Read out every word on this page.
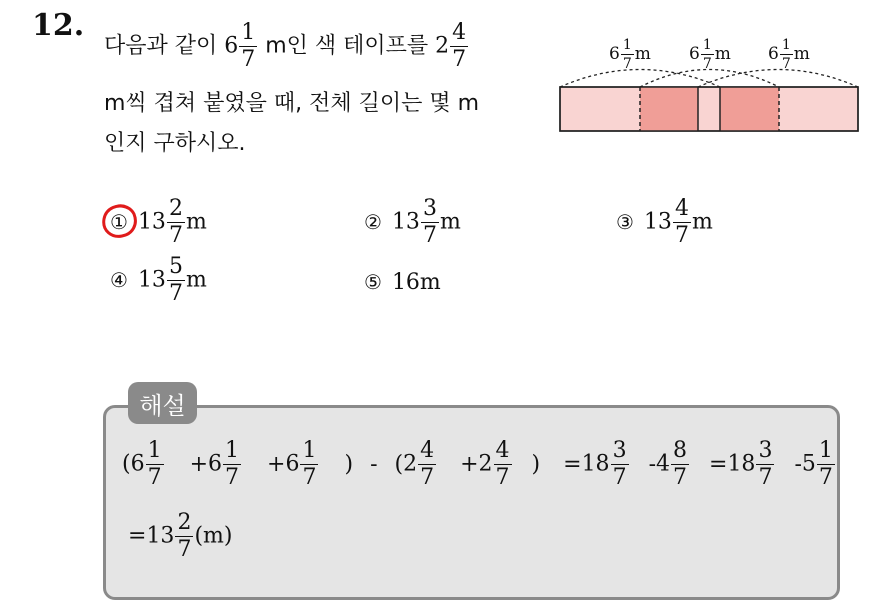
12.
다음과 같이 $6 \frac{1}{7}$ m인 색 테이프를 $2 \frac{4}{7}$
m씩 겹쳐 붙였을 때, 전체 길이는 몇 m
인지 구하시오.
$6 \frac{1}{7}$ m $6 \frac{1}{7}$ m $6 \frac{1}{7}$ m
① $13 \frac{2}{7}$ m	② $13 \frac{3}{7}$ m	③ $13 \frac{4}{7}$ m
④ $13 \frac{5}{7}$ m	⑤ 16m
해설
($6 \frac{1}{7} +6 \frac{1}{7} +6 \frac{1}{7}$ ) - ($2 \frac{4}{7} +2 \frac{4}{7}$ ) $=18 \frac{3}{7} -4 \frac{8}{7} =18 \frac{3}{7} -5 \frac{1}{7}$
$=13 \frac{2}{7} (m)$
